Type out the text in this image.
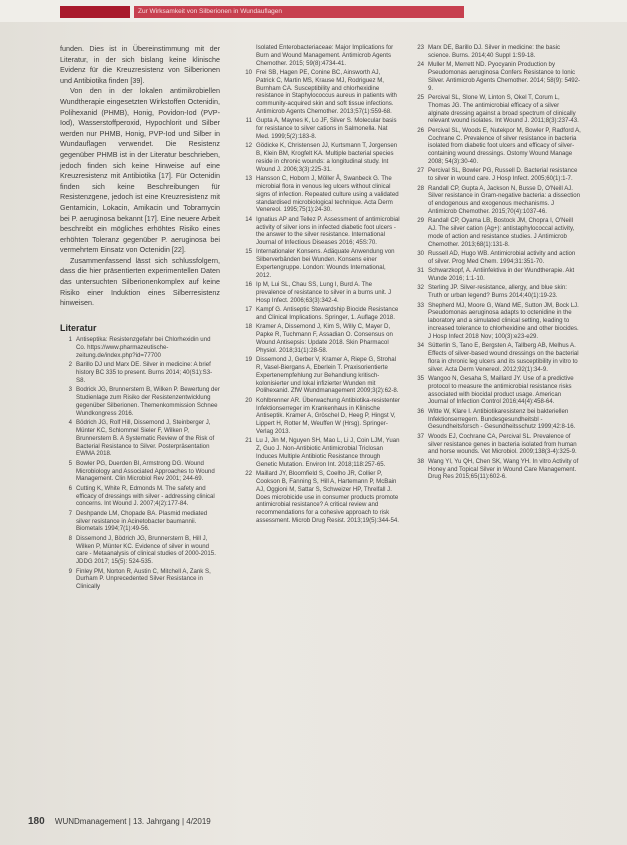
Zur Wirksamkeit von Silberionen in Wundauflagen

funden. Dies ist in Übereinstimmung mit der Literatur, in der sich bislang keine klinische Evidenz für die Kreuzresistenz von Silberionen und Antibiotika finden [39].

Von den in der lokalen antimikrobiellen Wundtherapie eingesetzten Wirkstoffen Octenidin, Polihexanid (PHMB), Honig, Povidon-Iod (PVP-Iod), Wasserstoffperoxid, Hypochlorit und Silber werden nur PHMB, Honig, PVP-Iod und Silber in Wundauflagen verwendet. Die Resistenz gegenüber PHMB ist in der Literatur beschrieben, jedoch finden sich keine Hinweise auf eine Kreuzresistenz mit Antibiotika [17]. Für Octenidin finden sich keine Beschreibungen für Resistenzgene, jedoch ist eine Kreuzresistenz mit Gentamicin, Lokacin, Amikacin und Tobramycin bei P. aeruginosa bekannt [17]. Eine neuere Arbeit beschreibt ein mögliches erhöhtes Risiko eines erhöhten Toleranz gegenüber P. aeruginosa bei vermehrtem Einsatz von Octenidin [22].

Zusammenfassend lässt sich schlussfolgern, dass die hier präsentierten experimentellen Daten das untersuchten Silberionenkomplex auf keine Risiko einer Induktion eines Silberresistenz hinweisen.

Literatur
1 Antiseptika: Resistenzgefahr bei Chlorhexidin und Co. https://www.pharmazeutische-zeitung.de/index.php?id=77700
2 Barillo DJ und Marx DE. Silver in medicine: A brief history BC 335 to present. Burns 2014; 40(S1):S3-S8.
3 Bodrick JG, Brunnerstern B, Wilken P. Bewertung der Studienlage zum Risiko der Resistenzentwicklung gegenüber Silberionen. Themenkommission Schnee Wundkongress 2016.
4 Bödrich JG, Rolf Hill, Dissemond J, Steinberger J, Münter KC, Schlommel Sieler F, Wilken P, Brunnerstern B. A Systematic Review of the Risk of Bacterial Resistance to Silver. Posterpräsentation EWMA 2018.
5 Bowler PG, Duerden BI, Armstrong DG. Wound Microbiology and Associated Approaches to Wound Management. Clin Microbiol Rev 2001; 244-69.
6 Cutting K, White R, Edmonds M. The safety and efficacy of dressings with silver - addressing clinical concerns. Int Wound J. 2007;4(2):177-84.
7 Deshpande LM, Chopade BA. Plasmid mediated silver resistance in Acinetobacter baumannii. Biometals 1994;7(1):49-56.
8 Dissemond J, Bödrich JG, Brunnerstern B, Hill J, Wilken P, Münter KC. Evidence of silver in wound care - Metaanalysis of clinical studies of 2000-2015. JDDG 2017; 15(5): 524-535.
9 Finley PM, Norton R, Austin C, Mitchell A, Zank S, Durham P. Unprecedented Silver Resistance in Clinically
Isolated Enterobacteriaceae: Major Implications for Burn and Wound Management. Antimicrob Agents Chemother. 2015; 59(8):4734-41.
10 Frei SB, Hagen PE, Conine BC, Ainsworth AJ, Patrick C, Martin MS, Krause MJ, Rodriguez M, Burnham CA. Susceptibility and chlorhexidine resistance in Staphylococcus aureus in patients with community-acquired skin and soft tissue infections. Antimicrob Agents Chemother. 2013;57(1):559-68.
11 Gupta A, Maynes K, Lo JF, Silver S. Molecular basis for resistance to silver cations in Salmonella. Nat Med. 1999;5(2):183-8.
12 Gödicke K, Christensen JJ, Kurtsmann T, Jorgensen B, Klein BM, Krogfelt KA. Multiple bacterial species reside in chronic wounds: a longitudinal study. Int Wound J. 2006;3(3):225-31.
13 Hansson C, Hoborn J, Möller Å, Swanbeck G. The microbial flora in venous leg ulcers without clinical signs of infection. Repeated culture using a validated standardised microbiological technique. Acta Derm Venereol. 1995;75(1):24-30.
14 Ignatius AP and Tellez P. Assessment of antimicrobial activity of silver ions in infected diabetic foot ulcers - the answer to the silver resistance. International Journal of Infectious Diseases 2016; 45S:70.
15 Internationaler Konsens. Adäquate Anwendung von Silberverbänden bei Wunden. Konsens einer Expertengruppe. London: Wounds International, 2012.
16 Ip M, Lui SL, Chau SS, Lung I, Burd A. The prevalence of resistance to silver in a burns unit. J Hosp Infect. 2006;63(3):342-4.
17 Kampf G. Antiseptic Stewardship Biocide Resistance and Clinical Implications. Springer, 1. Auflage 2018.
18 Kramer A, Dissemond J, Kim S, Willy C, Mayer D, Papke R, Tuchmann F, Assadian O. Consensus on Wound Antisepsis: Update 2018. Skin Pharmacol Physiol. 2018;31(1):28-58.
19 Dissemond J, Gerber V, Kramer A, Riepe G, Strohal R, Vasel-Biergans A, Eberlein T. Praxisorientierte Expertenempfehlung zur Behandlung kritisch-kolonisierter und lokal infizierter Wunden mit Polihexanid. ZfW Wundmanagement 2009;3(2):62-8.
20 Kohlbrenner AR. Überwachung Antibiotika-resistenter Infektionserreger im Krankenhaus in Klinische Antiseptik. Kramer A, Gröschel D, Heeg P, Hingst V, Lippert H, Rotter M, Weuffen W (Hrsg). Springer-Verlag 2013.
21 Lu J, Jin M, Nguyen SH, Mao L, Li J, Coin LJM, Yuan Z, Guo J. Non-Antibiotic Antimicrobial Triclosan Induces Multiple Antibiotic Resistance through Genetic Mutation. Environ Int. 2018;118:257-65.
22 Maillard JY, Bloomfield S, Coelho JR, Collier P, Cookson B, Fanning S, Hill A, Hartemann P, McBain AJ, Oggioni M, Sattar S, Schweizer HP, Threlfall J. Does microbicide use in consumer products promote antimicrobial resistance? A critical review and recommendations for a cohesive approach to risk assessment. Microb Drug Resist. 2013;19(5):344-54.
23 Marx DE, Barillo DJ. Silver in medicine: the basic science. Burns. 2014;40 Suppl 1:S9-18.
24 Muller M, Merrett ND. Pyocyanin Production by Pseudomonas aeruginosa Confers Resistance to Ionic Silver. Antimicrob Agents Chemother. 2014; 58(9): 5492-9.
25 Percival SL, Slone W, Linton S, Okel T, Corum L, Thomas JG. The antimicrobial efficacy of a silver alginate dressing against a broad spectrum of clinically relevant wound isolates. Int Wound J. 2011;8(3):237-43.
26 Percival SL, Woods E, Nutekpor M, Bowler P, Radford A, Cochrane C. Prevalence of silver resistance in bacteria isolated from diabetic foot ulcers and efficacy of silver-containing wound dressings. Ostomy Wound Manage 2008; 54(3):30-40.
27 Percival SL, Bowler PG, Russell D. Bacterial resistance to silver in wound care. J Hosp Infect. 2005;60(1):1-7.
28 Randall CP, Gupta A, Jackson N, Busse D, O'Neill AJ. Silver resistance in Gram-negative bacteria: a dissection of endogenous and exogenous mechanisms. J Antimicrob Chemother. 2015;70(4):1037-46.
29 Randall CP, Oyama LB, Bostock JM, Chopra I, O'Neill AJ. The silver cation (Ag+): antistaphylococcal activity, mode of action and resistance studies. J Antimicrob Chemother. 2013;68(1):131-8.
30 Russell AD, Hugo WB. Antimicrobial activity and action of silver. Prog Med Chem. 1994;31:351-70.
31 Schwarzkopf, A. Antiinfektiva in der Wundtherapie. Akt Wunde 2016; 1:1-10.
32 Sterling JP. Silver-resistance, allergy, and blue skin: Truth or urban legend? Burns 2014;40(1):19-23.
33 Shepherd MJ, Moore G, Wand ME, Sutton JM, Bock LJ. Pseudomonas aeruginosa adapts to octenidine in the laboratory and a simulated clinical setting, leading to increased tolerance to chlorhexidine and other biocides. J Hosp Infect 2018 Nov; 100(3):e23-e29.
34 Sütterlin S, Tano E, Bergsten A, Tallberg AB, Melhus A. Effects of silver-based wound dressings on the bacterial flora in chronic leg ulcers and its susceptibility in vitro to silver. Acta Derm Venereol. 2012;92(1):34-9.
35 Wangoo N, Gesaha S, Maillard JY. Use of a predictive protocol to measure the antimicrobial resistance risks associated with biocidal product usage. American Journal of Infection Control 2016;44(4):458-64.
36 Witte W, Klare I. Antibiotikaresistenz bei bakteriellen Infektionserregern. Bundesgesundheitsbl - Gesundheitsforsch - Gesundheitsschutz 1999;42:8-16.
37 Woods EJ, Cochrane CA, Percival SL. Prevalence of silver resistance genes in bacteria isolated from human and horse wounds. Vet Microbiol. 2009;138(3-4):325-9.
38 Wang YI, Yu QH, Chen SK, Wang YH. In vitro Activity of Honey and Topical Silver in Wound Care Management. Drug Res 2015;65(11):602-6.
180 WUNDmanagement | 13. Jahrgang | 4/2019
